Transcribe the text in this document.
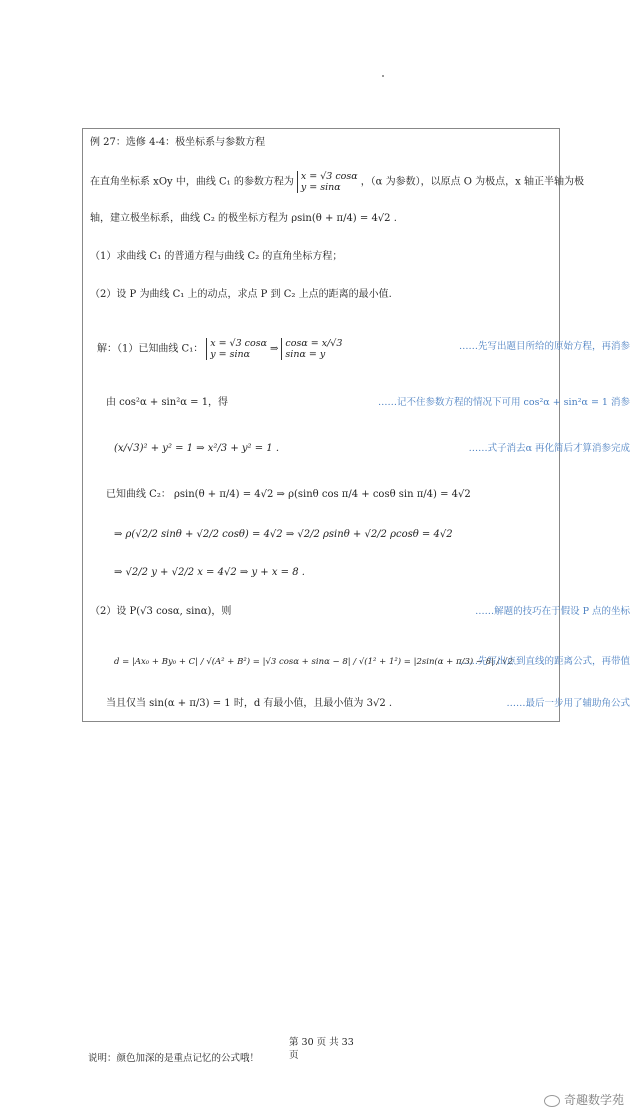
例 27：选修 4-4：极坐标系与参数方程
在直角坐标系 xOy 中，曲线 C₁ 的参数方程为 x = √3 cosα
y = sinα ，（α 为参数），以原点 O 为极点，x 轴正半轴为极
轴，建立极坐标系，曲线 C₂ 的极坐标方程为 ρsin(θ + π/4) = 4√2 .
（1）求曲线 C₁ 的普通方程与曲线 C₂ 的直角坐标方程；
（2）设 P 为曲线 C₁ 上的动点，求点 P 到 C₂ 上点的距离的最小值.
解：（1）已知曲线 C₁： x = √3 cosα
y = sinα ⇒ cosα = x/√3
sinα = y
……先写出题目所给的原始方程，再消参
由 cos²α + sin²α = 1，得	……记不住参数方程的情况下可用 cos²α + sin²α = 1 消参
(x/√3)² + y² = 1 ⇒ x²/3 + y² = 1 .	……式子消去α 再化简后才算消参完成
已知曲线 C₂： ρsin(θ + π/4) = 4√2 ⇒ ρ(sinθ cos π/4 + cosθ sin π/4) = 4√2
⇒ ρ(√2/2 sinθ + √2/2 cosθ) = 4√2 ⇒ √2/2 ρsinθ + √2/2 ρcosθ = 4√2
⇒ √2/2 y + √2/2 x = 4√2 ⇒ y + x = 8 .
（2）设 P(√3 cosα, sinα)，则	……解题的技巧在于假设 P 点的坐标
d = |Ax₀ + By₀ + C| / √(A² + B²) = |√3 cosα + sinα − 8| / √(1² + 1²) = |2sin(α + π/3) − 8| / √2
……先写出点到直线的距离公式，再带值
当且仅当 sin(α + π/3) = 1 时，d 有最小值，且最小值为 3√2 .	……最后一步用了辅助角公式
第 30 页 共 33
页
说明：颜色加深的是重点记忆的公式哦！
奇趣数学苑
